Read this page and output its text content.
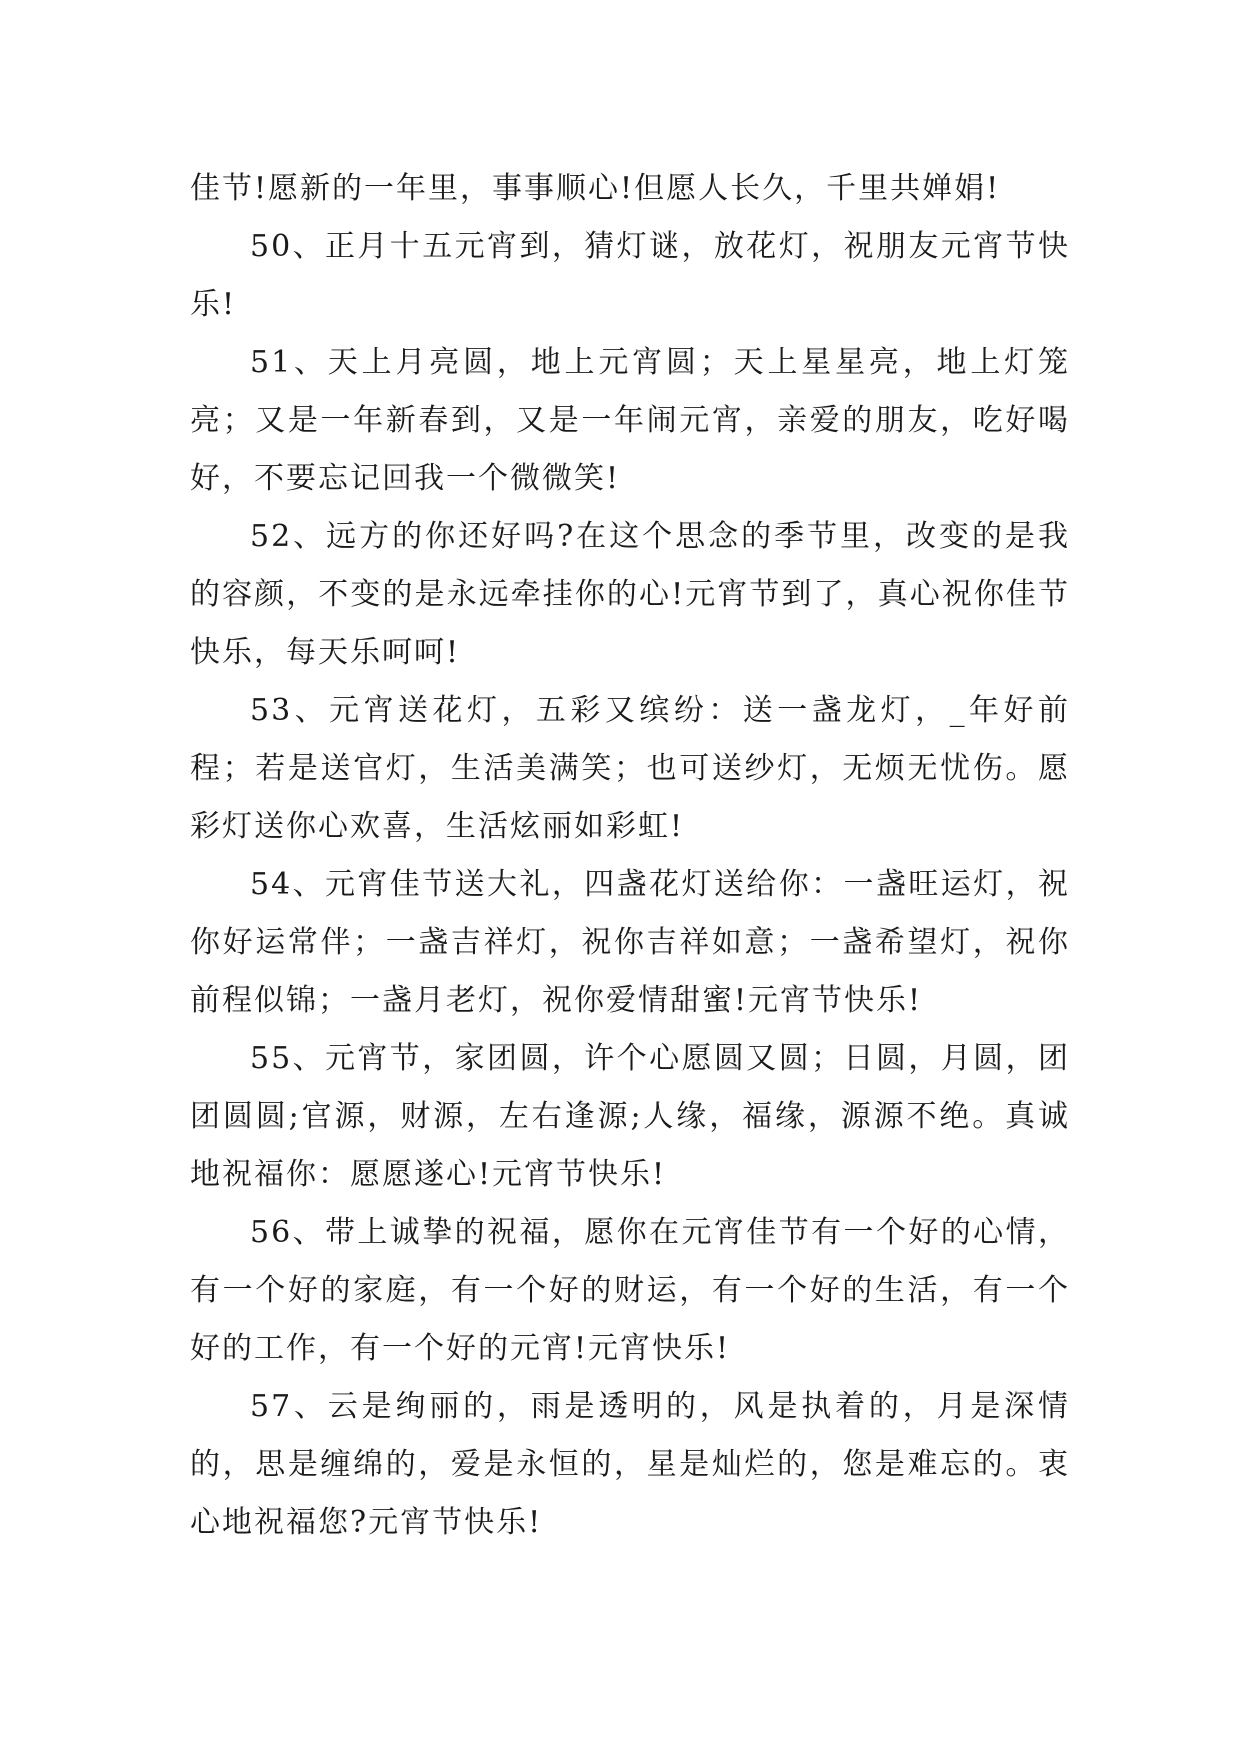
佳节!愿新的一年里，事事顺心!但愿人长久，千里共婵娟!

50、正月十五元宵到，猜灯谜，放花灯，祝朋友元宵节快乐!

51、天上月亮圆，地上元宵圆；天上星星亮，地上灯笼亮；又是一年新春到，又是一年闹元宵，亲爱的朋友，吃好喝好，不要忘记回我一个微微笑!

52、远方的你还好吗?在这个思念的季节里，改变的是我的容颜，不变的是永远牵挂你的心!元宵节到了，真心祝你佳节快乐，每天乐呵呵!

53、元宵送花灯，五彩又缤纷：送一盏龙灯，_年好前程；若是送官灯，生活美满笑；也可送纱灯，无烦无忧伤。愿彩灯送你心欢喜，生活炫丽如彩虹!

54、元宵佳节送大礼，四盏花灯送给你：一盏旺运灯，祝你好运常伴；一盏吉祥灯，祝你吉祥如意；一盏希望灯，祝你前程似锦；一盏月老灯，祝你爱情甜蜜!元宵节快乐!

55、元宵节，家团圆，许个心愿圆又圆；日圆，月圆，团团圆圆;官源，财源，左右逢源;人缘，福缘，源源不绝。真诚地祝福你：愿愿遂心!元宵节快乐!

56、带上诚挚的祝福，愿你在元宵佳节有一个好的心情，有一个好的家庭，有一个好的财运，有一个好的生活，有一个好的工作，有一个好的元宵!元宵快乐!

57、云是绚丽的，雨是透明的，风是执着的，月是深情的，思是缠绵的，爱是永恒的，星是灿烂的，您是难忘的。衷心地祝福您?元宵节快乐!
